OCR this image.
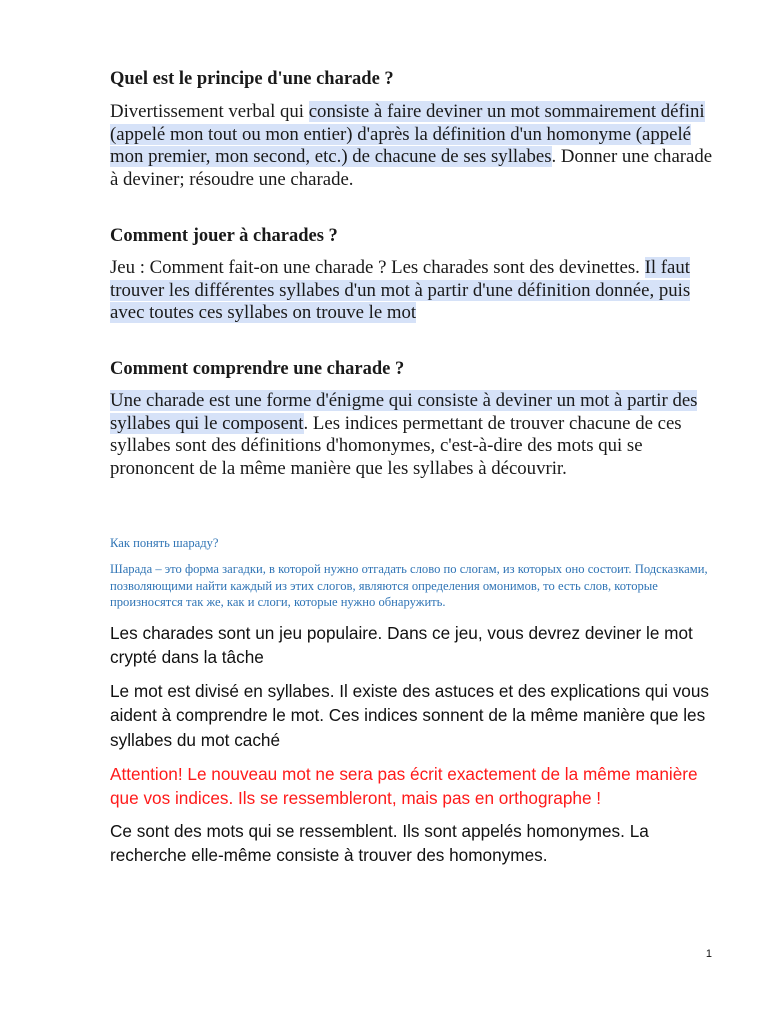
Quel est le principe d'une charade ?

Divertissement verbal qui consiste à faire deviner un mot sommairement défini (appelé mon tout ou mon entier) d'après la définition d'un homonyme (appelé mon premier, mon second, etc.) de chacune de ses syllabes. Donner une charade à deviner; résoudre une charade.

Comment jouer à charades ?

Jeu : Comment fait-on une charade ? Les charades sont des devinettes. Il faut trouver les différentes syllabes d'un mot à partir d'une définition donnée, puis avec toutes ces syllabes on trouve le mot

Comment comprendre une charade ?

Une charade est une forme d'énigme qui consiste à deviner un mot à partir des syllabes qui le composent. Les indices permettant de trouver chacune de ces syllabes sont des définitions d'homonymes, c'est-à-dire des mots qui se prononcent de la même manière que les syllabes à découvrir.

Как понять шараду?

Шарада – это форма загадки, в которой нужно отгадать слово по слогам, из которых оно состоит. Подсказками, позволяющими найти каждый из этих слогов, являются определения омонимов, то есть слов, которые произносятся так же, как и слоги, которые нужно обнаружить.

Les charades sont un jeu populaire. Dans ce jeu, vous devrez deviner le mot crypté dans la tâche

Le mot est divisé en syllabes. Il existe des astuces et des explications qui vous aident à comprendre le mot. Ces indices sonnent de la même manière que les syllabes du mot caché

Attention! Le nouveau mot ne sera pas écrit exactement de la même manière que vos indices. Ils se ressembleront, mais pas en orthographe !

Ce sont des mots qui se ressemblent. Ils sont appelés homonymes. La recherche elle-même consiste à trouver des homonymes.

1
